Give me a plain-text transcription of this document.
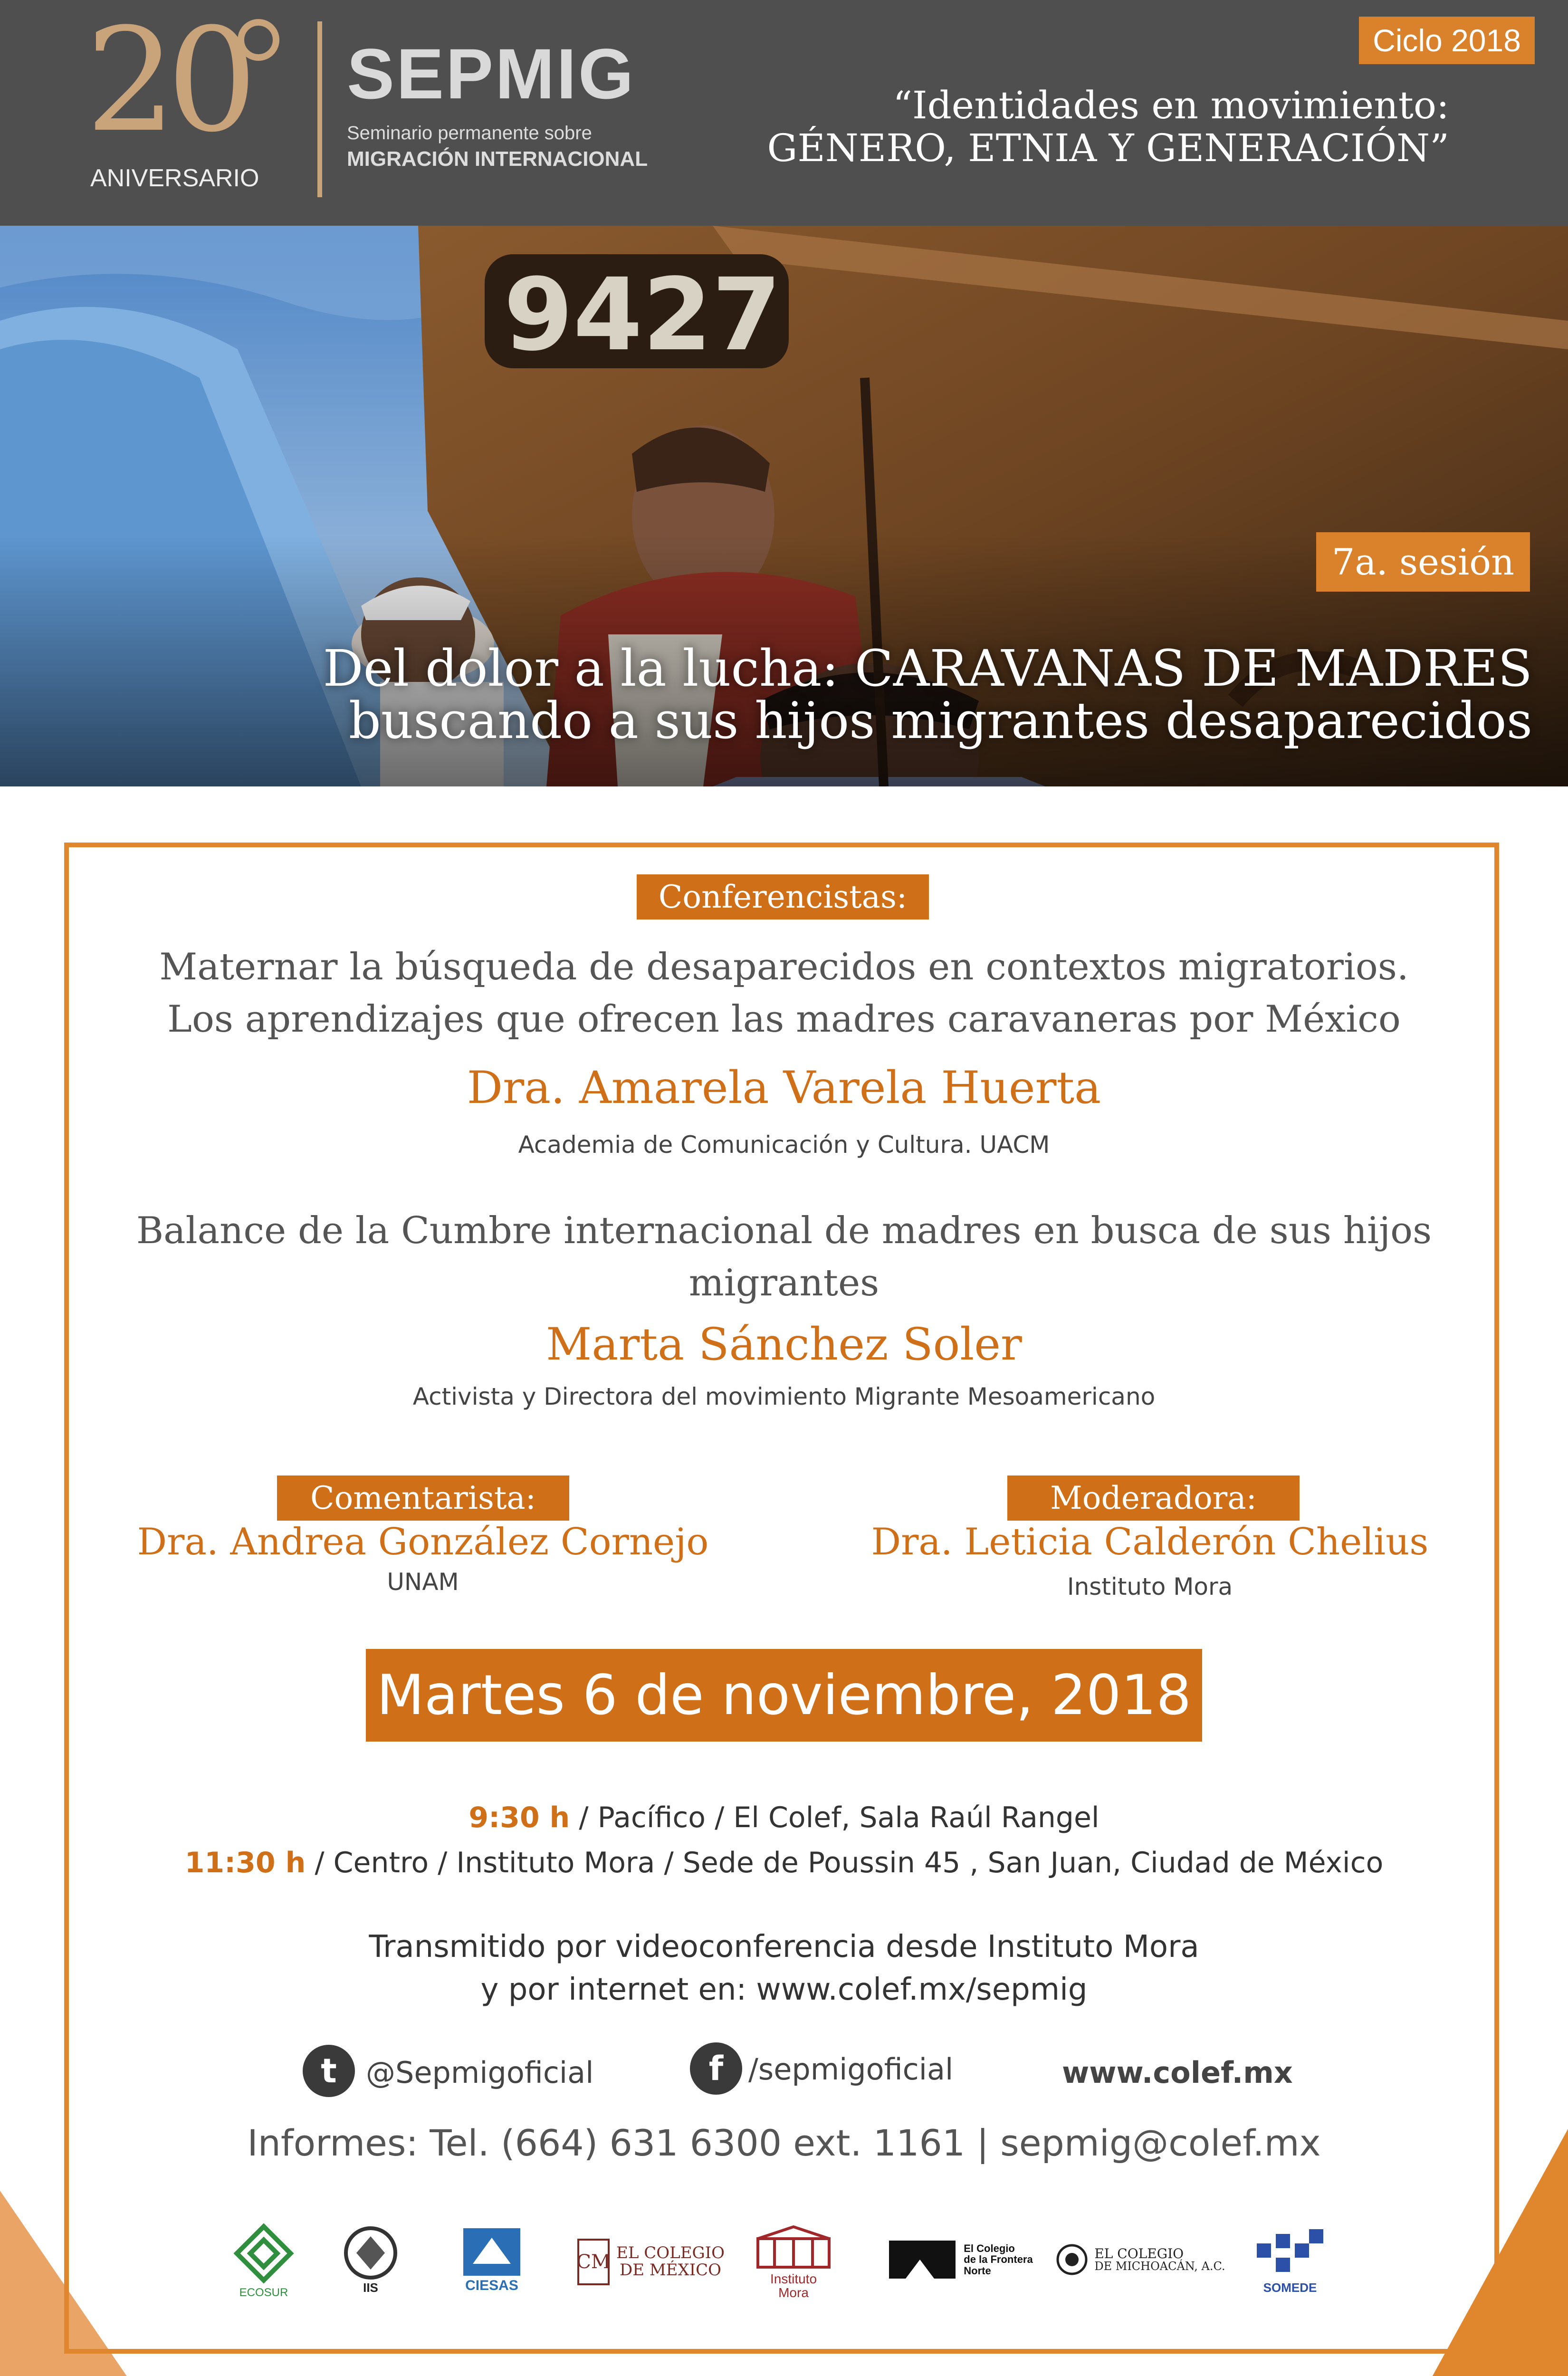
20
ANIVERSARIO
SEPMIG
Seminario permanente sobre
MIGRACIÓN INTERNACIONAL
Ciclo 2018
“Identidades en movimiento:
GÉNERO, ETNIA Y GENERACIÓN”
7a. sesión
Del dolor a la lucha: CARAVANAS DE MADRES
buscando a sus hijos migrantes desaparecidos
Conferencistas:
Maternar la búsqueda de desaparecidos en contextos migratorios.
Los aprendizajes que ofrecen las madres caravaneras por México
Dra. Amarela Varela Huerta
Academia de Comunicación y Cultura. UACM
Balance de la Cumbre internacional de madres en busca de sus hijos
migrantes
Marta Sánchez Soler
Activista y Directora del movimiento Migrante Mesoamericano
Comentarista:	Moderadora:
Dra. Andrea González Cornejo
UNAM
Dra. Leticia Calderón Chelius
Instituto Mora
Martes 6 de noviembre, 2018
9:30 h / Pacífico / El Colef, Sala Raúl Rangel
11:30 h / Centro / Instituto Mora / Sede de Poussin 45 , San Juan, Ciudad de México
Transmitido por videoconferencia desde Instituto Mora
y por internet en: www.colef.mx/sepmig
t @Sepmigoficial	f /sepmigoficial	www.colef.mx
Informes: Tel. (664) 631 6300 ext. 1161 | sepmig@colef.mx
ECOSUR	IIS	CIESAS
CM EL COLEGIO
DE MÉXICO	Instituto
Mora
El Colegio
de la Frontera
Norte
EL COLEGIO
DE MICHOACÁN, A.C.
SOMEDE
